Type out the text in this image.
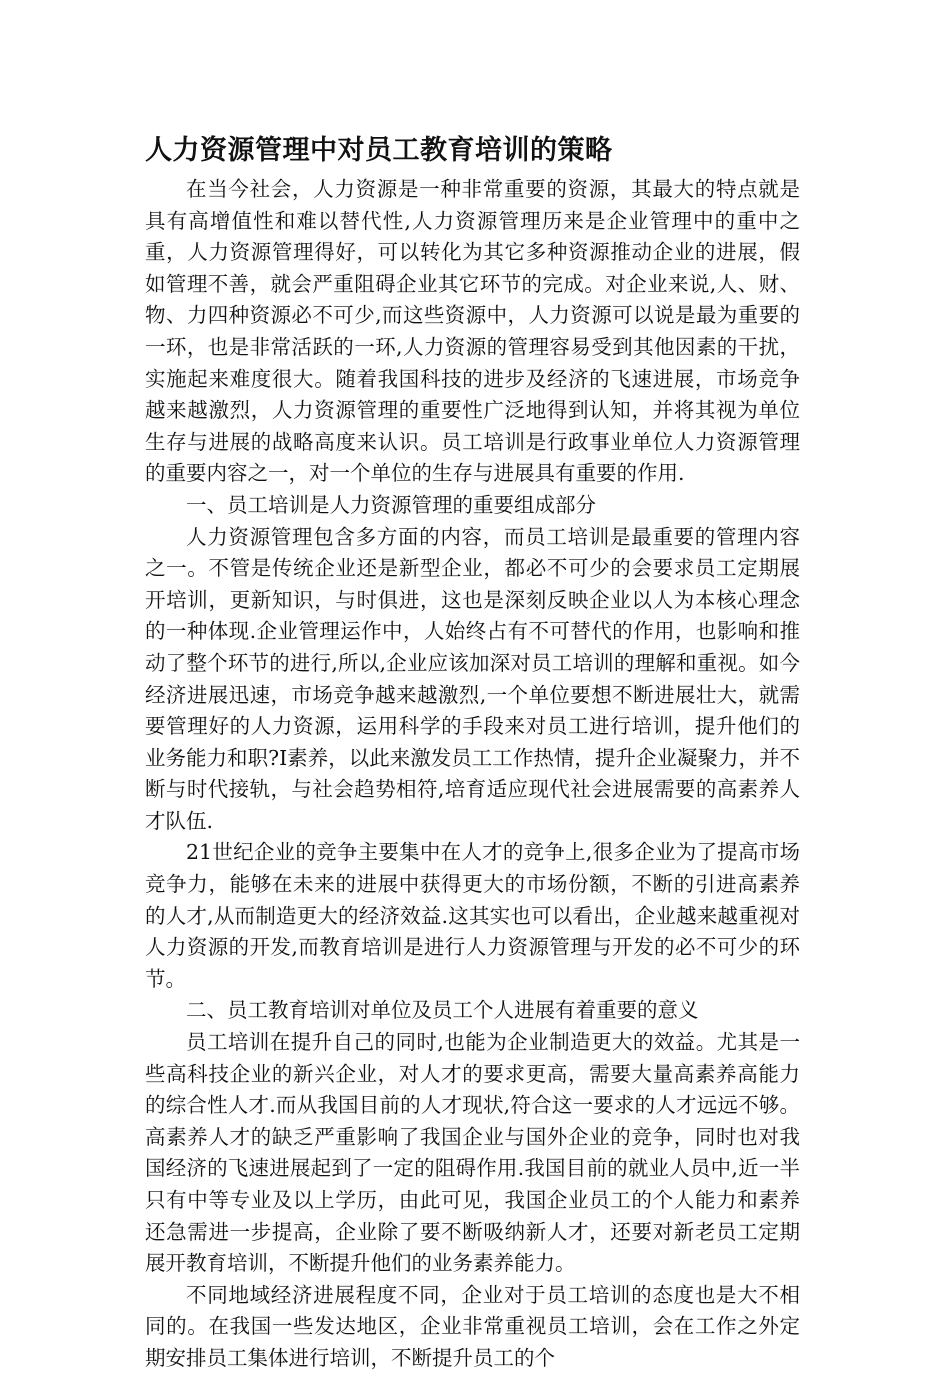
人力资源管理中对员工教育培训的策略

在当今社会，人力资源是一种非常重要的资源，其最大的特点就是具有高增值性和难以替代性,人力资源管理历来是企业管理中的重中之重，人力资源管理得好，可以转化为其它多种资源推动企业的进展，假如管理不善，就会严重阻碍企业其它环节的完成。对企业来说,人、财、物、力四种资源必不可少,而这些资源中，人力资源可以说是最为重要的一环，也是非常活跃的一环,人力资源的管理容易受到其他因素的干扰，实施起来难度很大。随着我国科技的进步及经济的飞速进展，市场竞争越来越激烈，人力资源管理的重要性广泛地得到认知，并将其视为单位生存与进展的战略高度来认识。员工培训是行政事业单位人力资源管理的重要内容之一，对一个单位的生存与进展具有重要的作用.

一、员工培训是人力资源管理的重要组成部分

人力资源管理包含多方面的内容，而员工培训是最重要的管理内容之一。不管是传统企业还是新型企业，都必不可少的会要求员工定期展开培训，更新知识，与时俱进，这也是深刻反映企业以人为本核心理念的一种体现.企业管理运作中，人始终占有不可替代的作用，也影响和推动了整个环节的进行,所以,企业应该加深对员工培训的理解和重视。如今经济进展迅速，市场竞争越来越激烈,一个单位要想不断进展壮大，就需要管理好的人力资源，运用科学的手段来对员工进行培训，提升他们的业务能力和职?I素养，以此来激发员工工作热情，提升企业凝聚力，并不断与时代接轨，与社会趋势相符,培育适应现代社会进展需要的高素养人才队伍.

21世纪企业的竞争主要集中在人才的竞争上,很多企业为了提高市场竞争力，能够在未来的进展中获得更大的市场份额，不断的引进高素养的人才,从而制造更大的经济效益.这其实也可以看出，企业越来越重视对人力资源的开发,而教育培训是进行人力资源管理与开发的必不可少的环节。

二、员工教育培训对单位及员工个人进展有着重要的意义

员工培训在提升自己的同时,也能为企业制造更大的效益。尤其是一些高科技企业的新兴企业，对人才的要求更高，需要大量高素养高能力的综合性人才.而从我国目前的人才现状,符合这一要求的人才远远不够。高素养人才的缺乏严重影响了我国企业与国外企业的竞争，同时也对我国经济的飞速进展起到了一定的阻碍作用.我国目前的就业人员中,近一半只有中等专业及以上学历，由此可见，我国企业员工的个人能力和素养还急需进一步提高，企业除了要不断吸纳新人才，还要对新老员工定期展开教育培训，不断提升他们的业务素养能力。

不同地域经济进展程度不同，企业对于员工培训的态度也是大不相同的。在我国一些发达地区，企业非常重视员工培训，会在工作之外定期安排员工集体进行培训，不断提升员工的个
